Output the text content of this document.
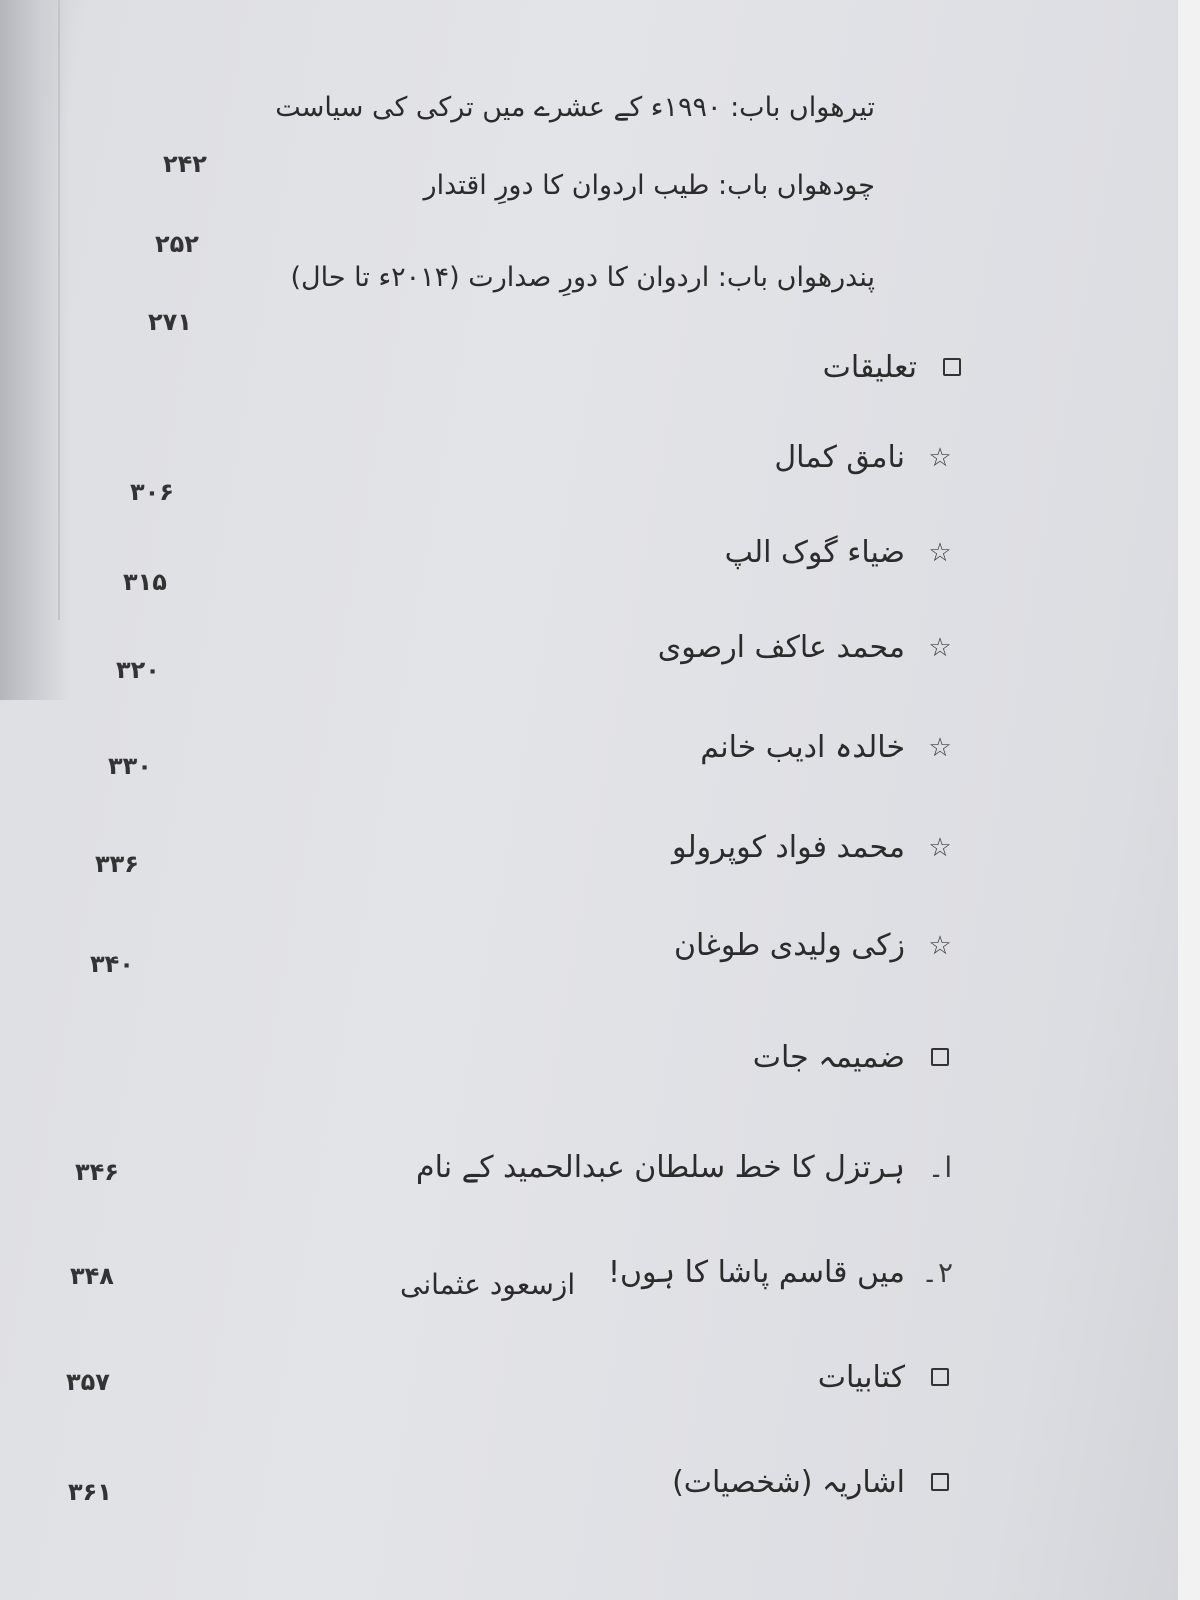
تیرھواں باب: ۱۹۹۰ء کے عشرے میں ترکی کی سیاست
۲۴۲
چودھواں باب: طیب اردوان کا دورِ اقتدار
۲۵۲
پندرھواں باب: اردوان کا دورِ صدارت (۲۰۱۴ء تا حال)
۲۷۱
تعلیقات
☆
نامق کمال
۳۰۶
☆
ضیاء گوک الپ
۳۱۵
☆
محمد عاکف ارصوی
۳۲۰
☆
خالدہ ادیب خانم
۳۳۰
☆
محمد فواد کوپرولو
۳۳۶
☆
زکی ولیدی طوغان
۳۴۰
ضمیمہ جات
ا۔
ہرتزل کا خط سلطان عبدالحمید کے نام
۳۴۶
۲۔
میں قاسم پاشا کا ہوں!
ازسعود عثمانی
۳۴۸
کتابیات
۳۵۷
اشاریہ (شخصیات)
۳۶۱
